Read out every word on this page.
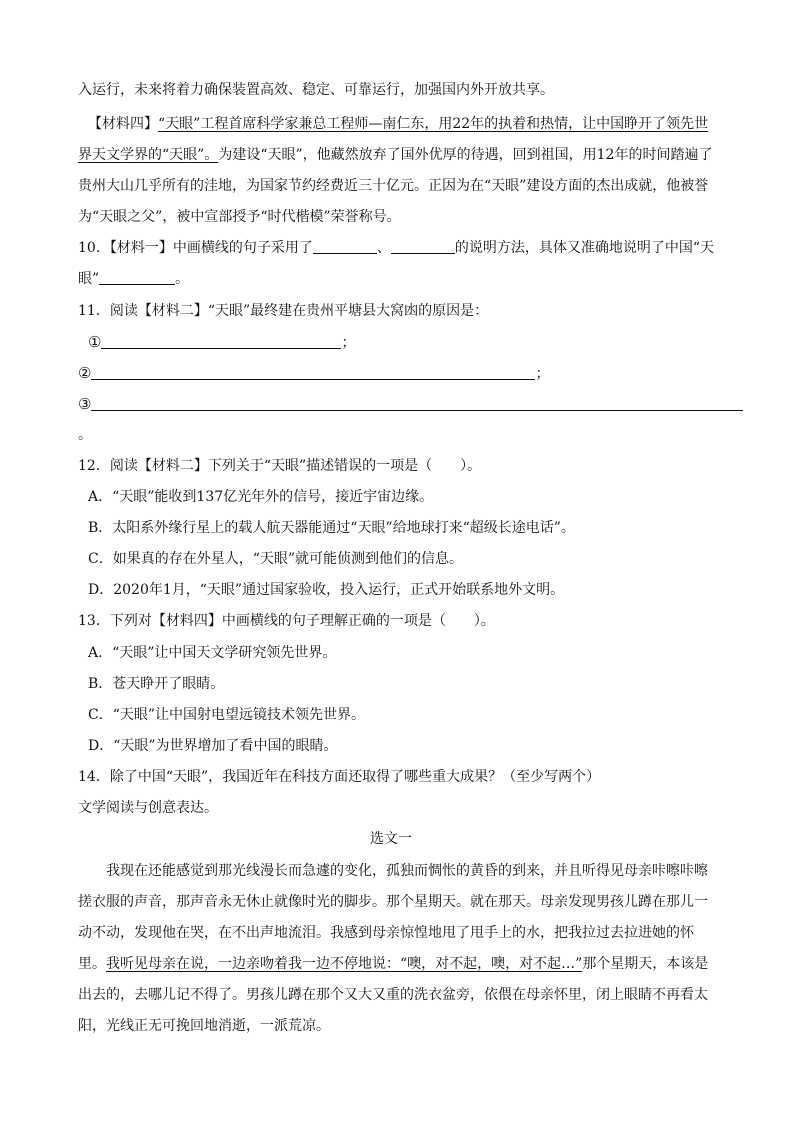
入运行，未来将着力确保装置高效、稳定、可靠运行，加强国内外开放共享。
【材料四】“天眼”工程首席科学家兼总工程师—南仁东，用22年的执着和热情，让中国睁开了领先世
界天文学界的“天眼”。为建设“天眼”，他藏然放弃了国外优厚的待遇，回到祖国，用12年的时间踏遍了
贵州大山几乎所有的洼地，为国家节约经费近三十亿元。正因为在“天眼”建设方面的杰出成就，他被誉
为“天眼之父”，被中宣部授予“时代楷模”荣誉称号。
10．【材料一】中画横线的句子采用了	、	的说明方法，具体又准确地说明了中国“天
眼”	。
11．阅读【材料二】“天眼”最终建在贵州平塘县大窝凼的原因是：
①	；
②	；
③
。
12．阅读【材料二】下列关于“天眼”描述错误的一项是（　　）。
A．“天眼”能收到137亿光年外的信号，接近宇宙边缘。
B．太阳系外缘行星上的载人航天器能通过“天眼”给地球打来“超级长途电话”。
C．如果真的存在外星人，“天眼”就可能侦测到他们的信息。
D．2020年1月，“天眼”通过国家验收，投入运行，正式开始联系地外文明。
13．下列对【材料四】中画横线的句子理解正确的一项是（　　）。
A．“天眼”让中国天文学研究领先世界。
B．苍天睁开了眼睛。
C．“天眼”让中国射电望远镜技术领先世界。
D．“天眼”为世界增加了看中国的眼睛。
14．除了中国“天眼”，我国近年在科技方面还取得了哪些重大成果？（至少写两个）
文学阅读与创意表达。
选文一
我现在还能感觉到那光线漫长而急遽的变化，孤独而惆怅的黄昏的到来，并且听得见母亲咔嚓咔嚓
搓衣服的声音，那声音永无休止就像时光的脚步。那个星期天。就在那天。母亲发现男孩儿蹲在那儿一
动不动，发现他在哭，在不出声地流泪。我感到母亲惊惶地甩了甩手上的水，把我拉过去拉进她的怀
里。我听见母亲在说，一边亲吻着我一边不停地说：“噢，对不起，噢，对不起…”那个星期天，本该是
出去的，去哪儿记不得了。男孩儿蹲在那个又大又重的洗衣盆旁，依偎在母亲怀里，闭上眼睛不再看太
阳，光线正无可挽回地消逝，一派荒凉。
